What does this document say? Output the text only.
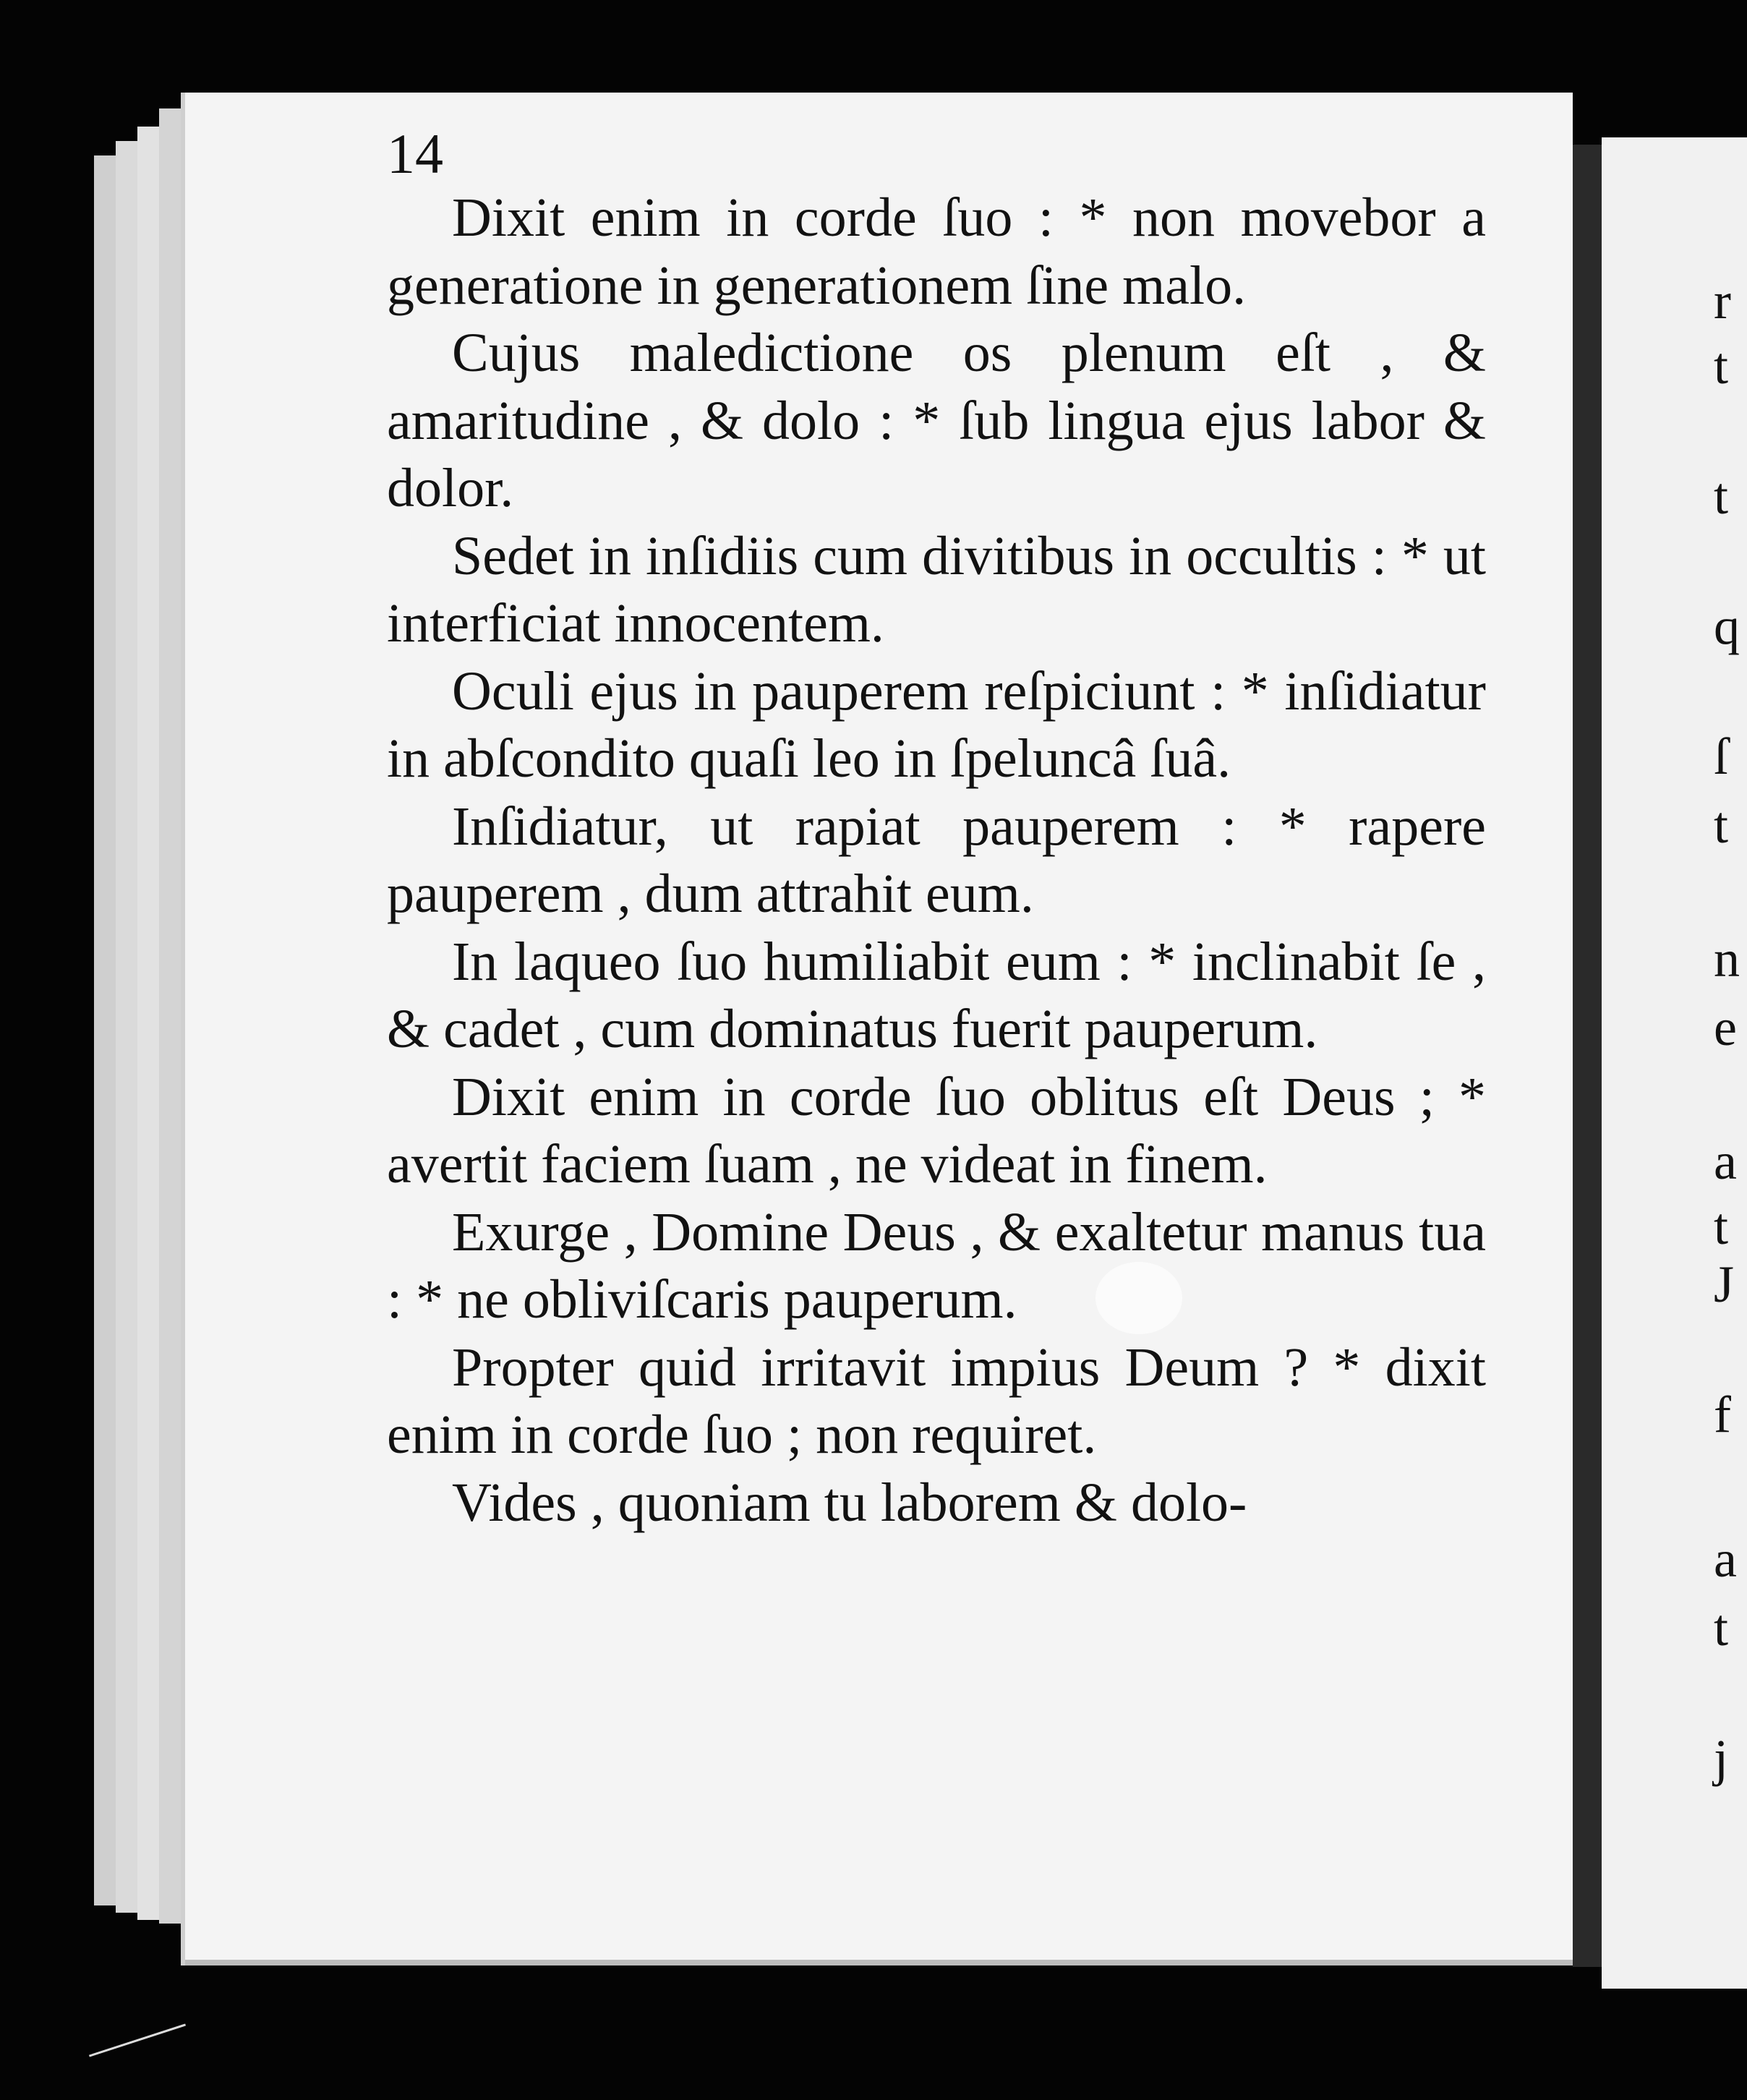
14

Dixit enim in corde ſuo : * non movebor a generatione in generationem ſine malo.

Cujus maledictione os plenum eſt , & amaritudine , & dolo : * ſub lingua ejus labor & dolor.

Sedet in inſidiis cum divitibus in occultis : * ut interficiat innocentem.

Oculi ejus in pauperem reſpiciunt : * inſidiatur in abſcondito quaſi leo in ſpeluncâ ſuâ.

Inſidiatur, ut rapiat pauperem : * rapere pauperem , dum attrahit eum.

In laqueo ſuo humiliabit eum : * inclinabit ſe , & cadet , cum dominatus fuerit pauperum.

Dixit enim in corde ſuo oblitus eſt Deus ; * avertit faciem ſuam , ne videat in finem.

Exurge , Domine Deus , & exaltetur manus tua : * ne obliviſcaris pauperum.

Propter quid irritavit impius Deum ? * dixit enim in corde ſuo ; non requiret.

Vides , quoniam tu laborem & dolo-

r

t

t

q

ſ

t

n

e

a

t

J

f

a

t

j
